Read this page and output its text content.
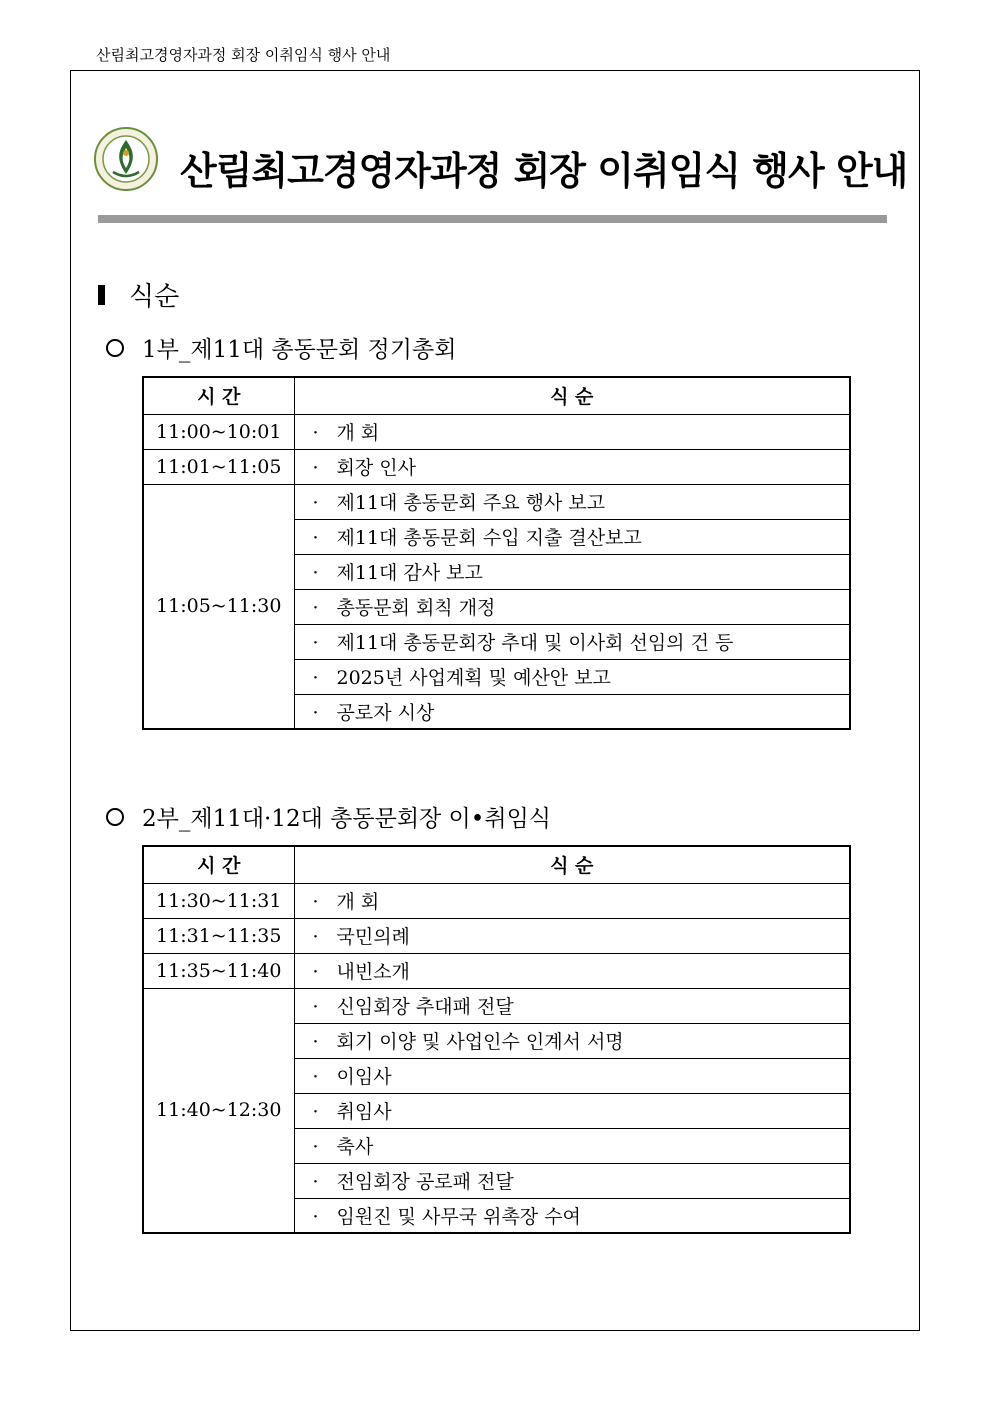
산림최고경영자과정 회장 이취임식 행사 안내
산림최고경영자과정 회장 이취임식 행사 안내
식순
1부_제11대 총동문회 정기총회
시 간	식 순
11:00~10:01	· 개 회
11:01~11:05	· 회장 인사
11:05~11:30	· 제11대 총동문회 주요 행사 보고
	· 제11대 총동문회 수입 지출 결산보고
	· 제11대 감사 보고
	· 총동문회 회칙 개정
	· 제11대 총동문회장 추대 및 이사회 선임의 건 등
	· 2025년 사업계획 및 예산안 보고
	· 공로자 시상
2부_제11대·12대 총동문회장 이•취임식
시 간	식 순
11:30~11:31	· 개 회
11:31~11:35	· 국민의례
11:35~11:40	· 내빈소개
11:40~12:30	· 신임회장 추대패 전달
	· 회기 이양 및 사업인수 인계서 서명
	· 이임사
	· 취임사
	· 축사
	· 전임회장 공로패 전달
	· 임원진 및 사무국 위촉장 수여
